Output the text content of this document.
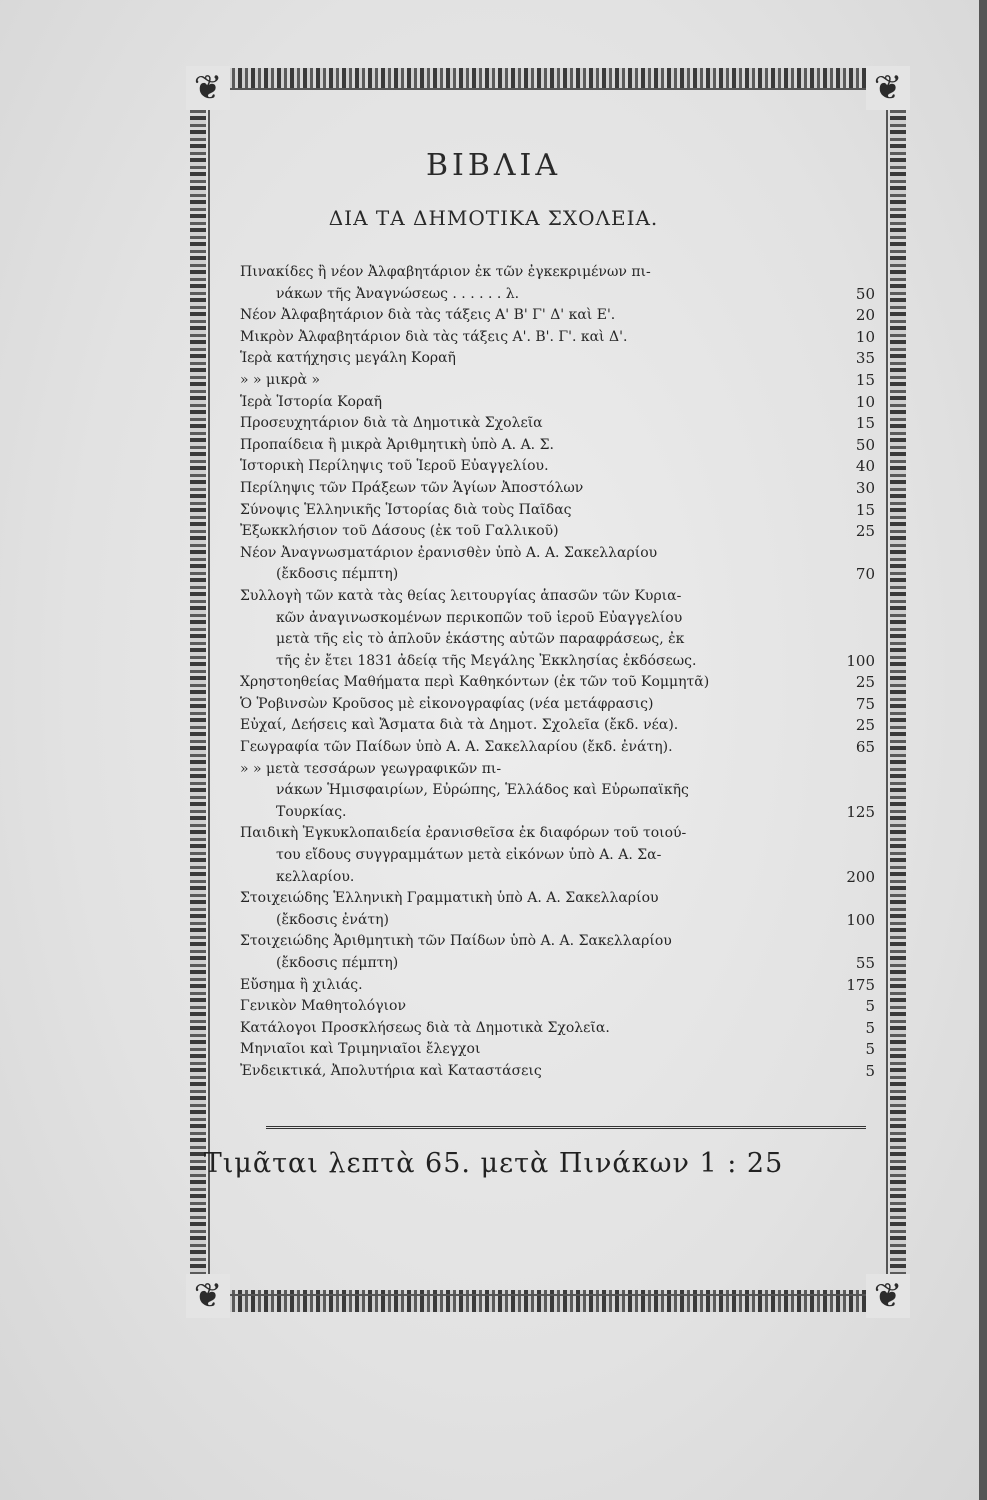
❦	❦
❦	❦
ΒΙΒΛΙΑ
ΔΙΑ ΤΑ ΔΗΜΟΤΙΚΑ ΣΧΟΛΕΙΑ.
Πινακίδες ἢ νέον Ἀλφαβητάριον ἐκ τῶν ἐγκεκριμένων πι-
νάκων τῆς Ἀναγνώσεως . . . . . . λ.	50
Νέον Ἀλφαβητάριον διὰ τὰς τάξεις Α' Β' Γ' Δ' καὶ Ε'.	20
Μικρὸν Ἀλφαβητάριον διὰ τὰς τάξεις Α'. Β'. Γ'. καὶ Δ'.	10
Ἱερὰ κατήχησις μεγάλη Κοραῆ	35
» » μικρὰ »	15
Ἱερὰ Ἱστορία Κοραῆ	10
Προσευχητάριον διὰ τὰ Δημοτικὰ Σχολεῖα	15
Προπαίδεια ἢ μικρὰ Ἀριθμητικὴ ὑπὸ Α. Α. Σ.	50
Ἱστορικὴ Περίληψις τοῦ Ἱεροῦ Εὐαγγελίου.	40
Περίληψις τῶν Πράξεων τῶν Ἁγίων Ἀποστόλων	30
Σύνοψις Ἑλληνικῆς Ἱστορίας διὰ τοὺς Παῖδας	15
Ἐξωκκλήσιον τοῦ Δάσους (ἐκ τοῦ Γαλλικοῦ)	25
Νέον Ἀναγνωσματάριον ἐρανισθὲν ὑπὸ Α. Α. Σακελλαρίου
(ἔκδοσις πέμπτη)	70
Συλλογὴ τῶν κατὰ τὰς θείας λειτουργίας ἁπασῶν τῶν Κυρια-
κῶν ἀναγινωσκομένων περικοπῶν τοῦ ἱεροῦ Εὐαγγελίου
μετὰ τῆς εἰς τὸ ἁπλοῦν ἑκάστης αὐτῶν παραφράσεως, ἐκ
τῆς ἐν ἔτει 1831 ἀδείᾳ τῆς Μεγάλης Ἐκκλησίας ἐκδόσεως.	100
Χρηστοηθείας Μαθήματα περὶ Καθηκόντων (ἐκ τῶν τοῦ Κομμητᾶ)	25
Ὁ Ῥοβινσὼν Κροῦσος μὲ εἰκονογραφίας (νέα μετάφρασις)	75
Εὐχαί, Δεήσεις καὶ Ἄσματα διὰ τὰ Δημοτ. Σχολεῖα (ἔκδ. νέα).	25
Γεωγραφία τῶν Παίδων ὑπὸ Α. Α. Σακελλαρίου (ἔκδ. ἐνάτη).	65
» » μετὰ τεσσάρων γεωγραφικῶν πι-
νάκων Ἡμισφαιρίων, Εὐρώπης, Ἑλλάδος καὶ Εὐρωπαϊκῆς
Τουρκίας.	125
Παιδικὴ Ἐγκυκλοπαιδεία ἐρανισθεῖσα ἐκ διαφόρων τοῦ τοιού-
του εἴδους συγγραμμάτων μετὰ εἰκόνων ὑπὸ Α. Α. Σα-
κελλαρίου.	200
Στοιχειώδης Ἑλληνικὴ Γραμματικὴ ὑπὸ Α. Α. Σακελλαρίου
(ἔκδοσις ἐνάτη)	100
Στοιχειώδης Ἀριθμητικὴ τῶν Παίδων ὑπὸ Α. Α. Σακελλαρίου
(ἔκδοσις πέμπτη)	55
Εὔσημα ἢ χιλιάς.	175
Γενικὸν Μαθητολόγιον	5
Κατάλογοι Προσκλήσεως διὰ τὰ Δημοτικὰ Σχολεῖα.	5
Μηνιαῖοι καὶ Τριμηνιαῖοι ἔλεγχοι	5
Ἐνδεικτικά, Ἀπολυτήρια καὶ Καταστάσεις	5
Τιμᾶται λεπτὰ 65. μετὰ Πινάκων 1 : 25
